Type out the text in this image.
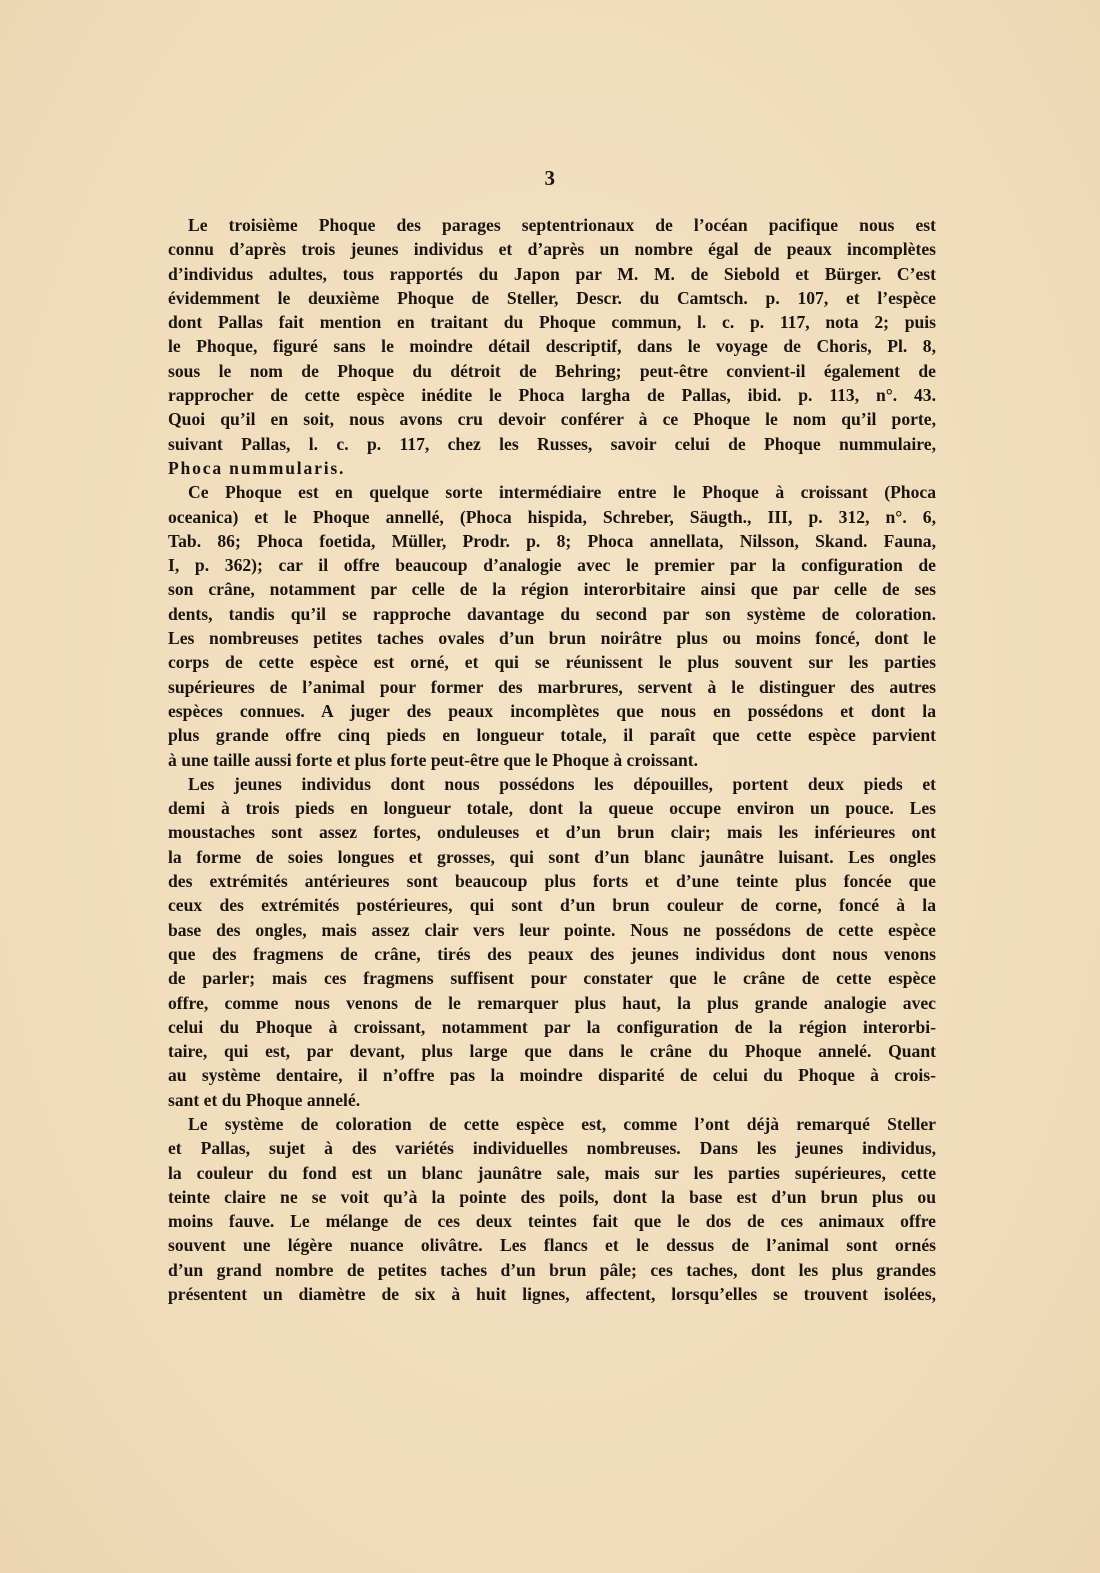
3
Le troisième Phoque des parages septentrionaux de l’océan pacifique nous est
connu d’après trois jeunes individus et d’après un nombre égal de peaux incomplètes
d’individus adultes, tous rapportés du Japon par M. M. de Siebold et Bürger. C’est
évidemment le deuxième Phoque de Steller, Descr. du Camtsch. p. 107, et l’espèce
dont Pallas fait mention en traitant du Phoque commun, l. c. p. 117, nota 2; puis
le Phoque, figuré sans le moindre détail descriptif, dans le voyage de Choris, Pl. 8,
sous le nom de Phoque du détroit de Behring; peut-être convient-il également de
rapprocher de cette espèce inédite le Phoca largha de Pallas, ibid. p. 113, n°. 43.
Quoi qu’il en soit, nous avons cru devoir conférer à ce Phoque le nom qu’il porte,
suivant Pallas, l. c. p. 117, chez les Russes, savoir celui de Phoque nummulaire,
Phoca nummularis.
Ce Phoque est en quelque sorte intermédiaire entre le Phoque à croissant (Phoca
oceanica) et le Phoque annellé, (Phoca hispida, Schreber, Säugth., III, p. 312, n°. 6,
Tab. 86; Phoca foetida, Müller, Prodr. p. 8; Phoca annellata, Nilsson, Skand. Fauna,
I, p. 362); car il offre beaucoup d’analogie avec le premier par la configuration de
son crâne, notamment par celle de la région interorbitaire ainsi que par celle de ses
dents, tandis qu’il se rapproche davantage du second par son système de coloration.
Les nombreuses petites taches ovales d’un brun noirâtre plus ou moins foncé, dont le
corps de cette espèce est orné, et qui se réunissent le plus souvent sur les parties
supérieures de l’animal pour former des marbrures, servent à le distinguer des autres
espèces connues. A juger des peaux incomplètes que nous en possédons et dont la
plus grande offre cinq pieds en longueur totale, il paraît que cette espèce parvient
à une taille aussi forte et plus forte peut-être que le Phoque à croissant.
Les jeunes individus dont nous possédons les dépouilles, portent deux pieds et
demi à trois pieds en longueur totale, dont la queue occupe environ un pouce. Les
moustaches sont assez fortes, onduleuses et d’un brun clair; mais les inférieures ont
la forme de soies longues et grosses, qui sont d’un blanc jaunâtre luisant. Les ongles
des extrémités antérieures sont beaucoup plus forts et d’une teinte plus foncée que
ceux des extrémités postérieures, qui sont d’un brun couleur de corne, foncé à la
base des ongles, mais assez clair vers leur pointe. Nous ne possédons de cette espèce
que des fragmens de crâne, tirés des peaux des jeunes individus dont nous venons
de parler; mais ces fragmens suffisent pour constater que le crâne de cette espèce
offre, comme nous venons de le remarquer plus haut, la plus grande analogie avec
celui du Phoque à croissant, notamment par la configuration de la région interorbi-
taire, qui est, par devant, plus large que dans le crâne du Phoque annelé. Quant
au système dentaire, il n’offre pas la moindre disparité de celui du Phoque à crois-
sant et du Phoque annelé.
Le système de coloration de cette espèce est, comme l’ont déjà remarqué Steller
et Pallas, sujet à des variétés individuelles nombreuses. Dans les jeunes individus,
la couleur du fond est un blanc jaunâtre sale, mais sur les parties supérieures, cette
teinte claire ne se voit qu’à la pointe des poils, dont la base est d’un brun plus ou
moins fauve. Le mélange de ces deux teintes fait que le dos de ces animaux offre
souvent une légère nuance olivâtre. Les flancs et le dessus de l’animal sont ornés
d’un grand nombre de petites taches d’un brun pâle; ces taches, dont les plus grandes
présentent un diamètre de six à huit lignes, affectent, lorsqu’elles se trouvent isolées,
